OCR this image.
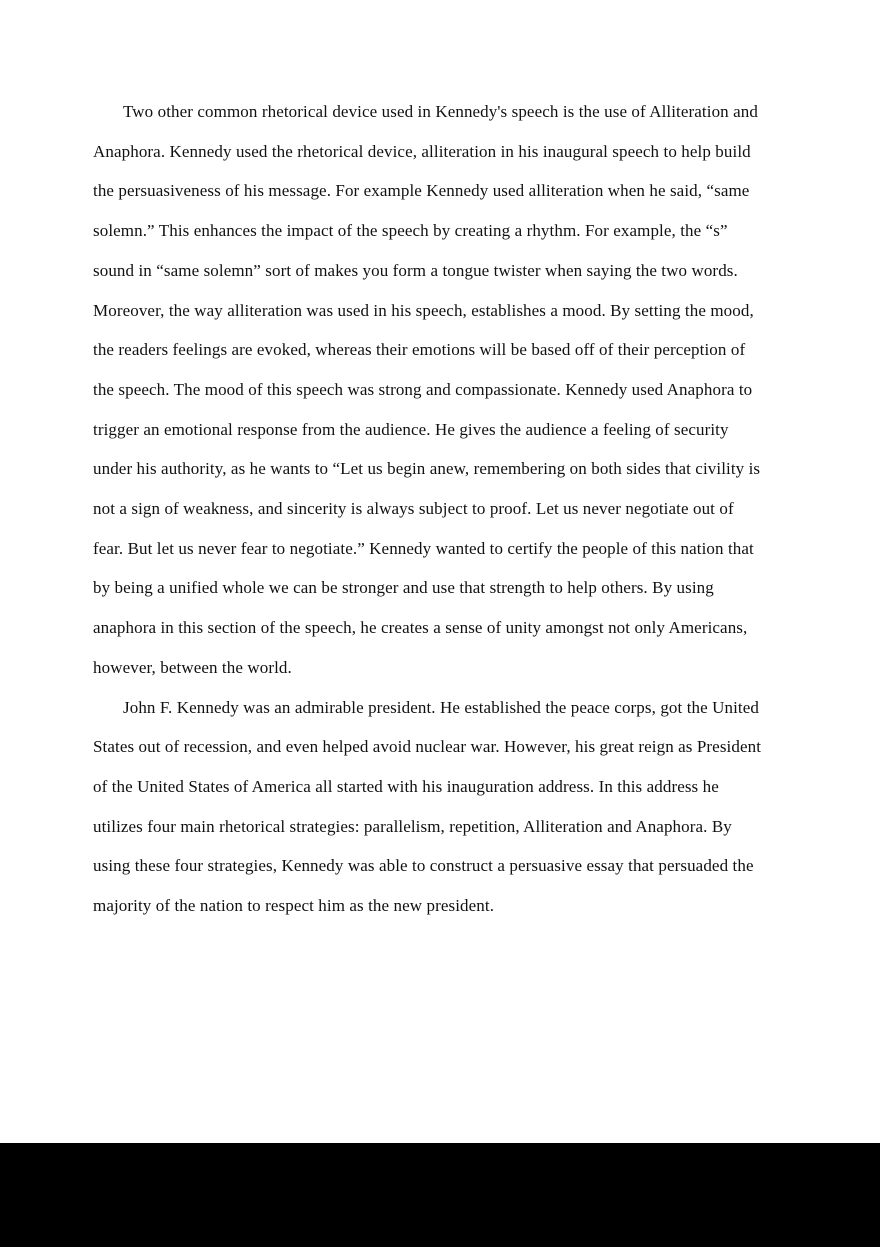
Two other common rhetorical device used in Kennedy's speech is the use of Alliteration and
Anaphora. Kennedy used the rhetorical device, alliteration in his inaugural speech to help build
the persuasiveness of his message. For example Kennedy used alliteration when he said, “same
solemn.” This enhances the impact of the speech by creating a rhythm. For example, the “s”
sound in “same solemn” sort of makes you form a tongue twister when saying the two words.
Moreover, the way alliteration was used in his speech, establishes a mood. By setting the mood,
the readers feelings are evoked, whereas their emotions will be based off of their perception of
the speech. The mood of this speech was strong and compassionate. Kennedy used Anaphora to
trigger an emotional response from the audience. He gives the audience a feeling of security
under his authority, as he wants to “Let us begin anew, remembering on both sides that civility is
not a sign of weakness, and sincerity is always subject to proof. Let us never negotiate out of
fear. But let us never fear to negotiate.” Kennedy wanted to certify the people of this nation that
by being a unified whole we can be stronger and use that strength to help others. By using
anaphora in this section of the speech, he creates a sense of unity amongst not only Americans,
however, between the world.
John F. Kennedy was an admirable president. He established the peace corps, got the United
States out of recession, and even helped avoid nuclear war. However, his great reign as President
of the United States of America all started with his inauguration address. In this address he
utilizes four main rhetorical strategies: parallelism, repetition, Alliteration and Anaphora. By
using these four strategies, Kennedy was able to construct a persuasive essay that persuaded the
majority of the nation to respect him as the new president.
